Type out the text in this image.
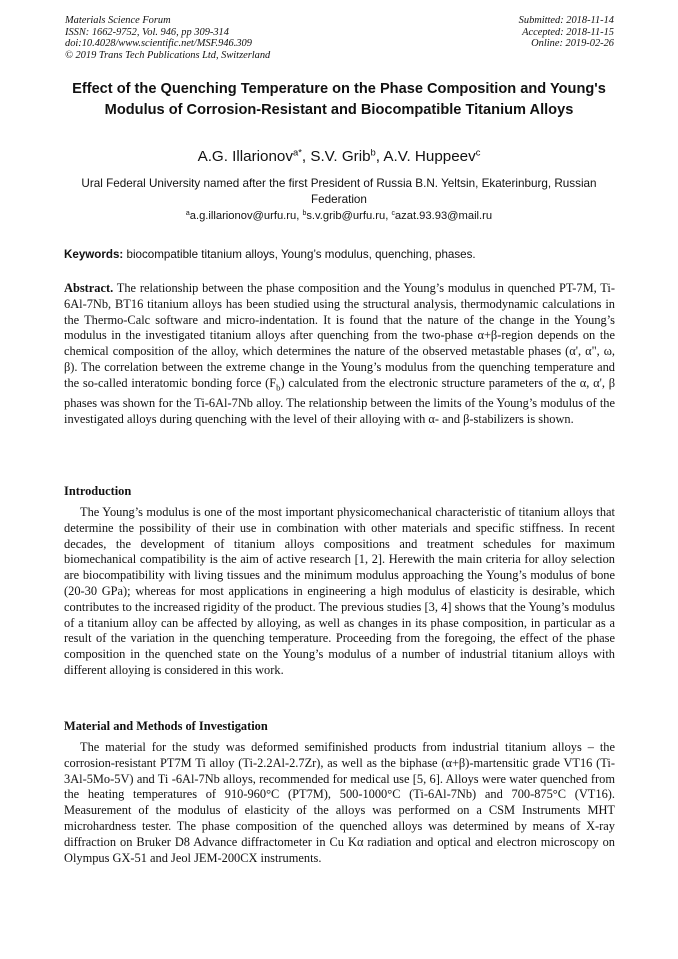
Materials Science Forum
ISSN: 1662-9752, Vol. 946, pp 309-314
doi:10.4028/www.scientific.net/MSF.946.309
© 2019 Trans Tech Publications Ltd, Switzerland
Submitted: 2018-11-14
Accepted: 2018-11-15
Online: 2019-02-26
Effect of the Quenching Temperature on the Phase Composition and Young's Modulus of Corrosion-Resistant and Biocompatible Titanium Alloys
A.G. Illarionov$^{a*}$, S.V. Grib$^b$, A.V. Huppeev$^c$
Ural Federal University named after the first President of Russia B.N. Yeltsin, Ekaterinburg, Russian Federation
$^a$a.g.illarionov@urfu.ru, $^b$s.v.grib@urfu.ru, $^c$azat.93.93@mail.ru
Keywords: biocompatible titanium alloys, Young’s modulus, quenching, phases.
Abstract. The relationship between the phase composition and the Young’s modulus in quenched PT-7M, Ti-6Al-7Nb, BT16 titanium alloys has been studied using the structural analysis, thermodynamic calculations in the Thermo-Calc software and micro-indentation. It is found that the nature of the change in the Young’s modulus in the investigated titanium alloys after quenching from the two-phase α+β-region depends on the chemical composition of the alloy, which determines the nature of the observed metastable phases (α', α", ω, β). The correlation between the extreme change in the Young’s modulus from the quenching temperature and the so-called interatomic bonding force $(F_b)$ calculated from the electronic structure parameters of the α, α', β phases was shown for the Ti-6Al-7Nb alloy. The relationship between the limits of the Young’s modulus of the investigated alloys during quenching with the level of their alloying with α- and β-stabilizers is shown.
Introduction
The Young’s modulus is one of the most important physicomechanical characteristic of titanium alloys that determine the possibility of their use in combination with other materials and specific stiffness. In recent decades, the development of titanium alloys compositions and treatment schedules for maximum biomechanical compatibility is the aim of active research [1, 2]. Herewith the main criteria for alloy selection are biocompatibility with living tissues and the minimum modulus approaching the Young’s modulus of bone (20-30 GPa); whereas for most applications in engineering a high modulus of elasticity is desirable, which contributes to the increased rigidity of the product. The previous studies [3, 4] shows that the Young’s modulus of a titanium alloy can be affected by alloying, as well as changes in its phase composition, in particular as a result of the variation in the quenching temperature. Proceeding from the foregoing, the effect of the phase composition in the quenched state on the Young’s modulus of a number of industrial titanium alloys with different alloying is considered in this work.
Material and Methods of Investigation
The material for the study was deformed semifinished products from industrial titanium alloys – the corrosion-resistant PT7M Ti alloy (Ti-2.2Al-2.7Zr), as well as the biphase (α+β)-martensitic grade VT16 (Ti-3Al-5Mo-5V) and Ti -6Al-7Nb alloys, recommended for medical use [5, 6]. Alloys were water quenched from the heating temperatures of 910-960°C (PT7M), 500-1000°C (Ti-6Al-7Nb) and 700-875°C (VT16). Measurement of the modulus of elasticity of the alloys was performed on a CSM Instruments MHT microhardness tester. The phase composition of the quenched alloys was determined by means of X-ray diffraction on Bruker D8 Advance diffractometer in Cu Kα radiation and optical and electron microscopy on Olympus GX-51 and Jeol JEM-200CX instruments.
